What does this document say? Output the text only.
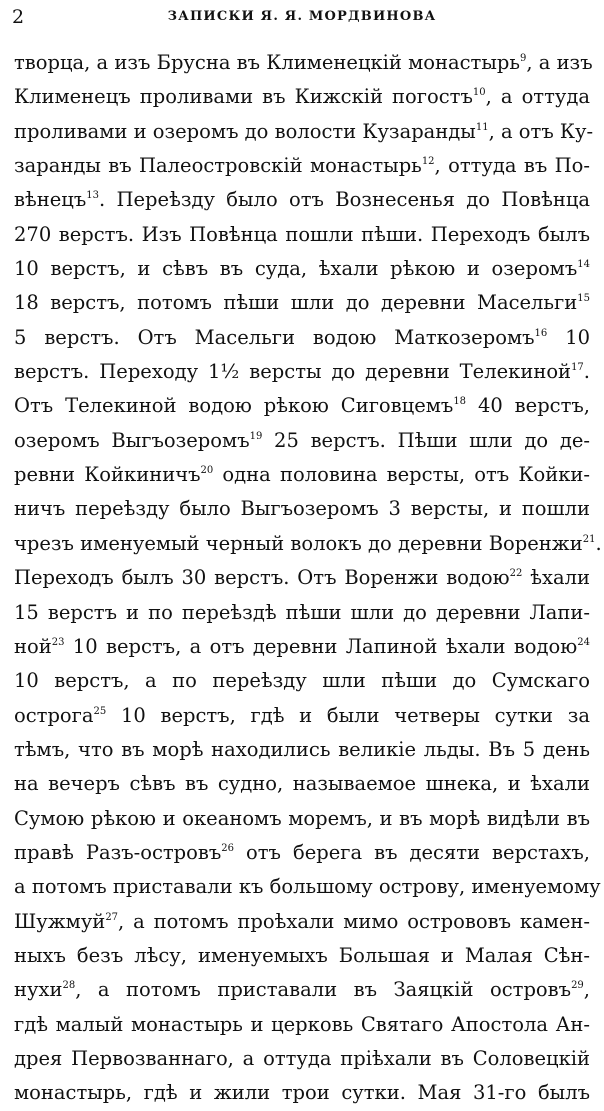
2	ЗАПИСКИ Я. Я. МОРДВИНОВА
творца, а изъ Бруcна въ Клименецкій монастырь$^9$, а изъ
Клименецъ проливами въ Кижскій погостъ$^{10}$, а оттуда
проливами и озеромъ до волости Кузаранды$^{11}$, а отъ Ку-
заранды въ Палеостровскій монастырь$^{12}$, оттуда въ По-
вѣнецъ$^{13}$. Переѣзду было отъ Вознесенья до Повѣнца
270 верстъ. Изъ Повѣнца пошли пѣши. Переходъ былъ
10 верстъ, и сѣвъ въ суда, ѣхали рѣкою и озеромъ$^{14}$
18 верстъ, потомъ пѣши шли до деревни Масельги$^{15}$
5 верстъ. Отъ Масельги водою Маткозеромъ$^{16}$ 10
верстъ. Переходу 1½ версты до деревни Телекиной$^{17}$.
Отъ Телекиной водою рѣкою Сиговцемъ$^{18}$ 40 верстъ,
озеромъ Выгъозеромъ$^{19}$ 25 верстъ. Пѣши шли до де-
ревни Койкиничъ$^{20}$ одна половина версты, отъ Койки-
ничъ переѣзду было Выгъозеромъ 3 версты, и пошли
чрезъ именуемый черный волокъ до деревни Воренжи$^{21}$.
Переходъ былъ 30 верстъ. Отъ Воренжи водою$^{22}$ ѣхали
15 верстъ и по переѣздѣ пѣши шли до деревни Лапи-
ной$^{23}$ 10 верстъ, а отъ деревни Лапиной ѣхали водою$^{24}$
10 верстъ, а по переѣзду шли пѣши до Сумскаго
острога$^{25}$ 10 верстъ, гдѣ и были четверы сутки за
тѣмъ, что въ морѣ находились великіе льды. Въ 5 день
на вечеръ сѣвъ въ судно, называемое шнека, и ѣхали
Сумою рѣкою и океаномъ моремъ, и въ морѣ видѣли въ
правѣ Разъ-островъ$^{26}$ отъ берега въ десяти верстахъ,
а потомъ приставали къ большому острову, именуемому
Шужмуй$^{27}$, а потомъ проѣхали мимо острововъ камен-
ныхъ безъ лѣсу, именуемыхъ Большая и Малая Сѣн-
нухи$^{28}$, а потомъ приставали въ Заяцкій островъ$^{29}$,
гдѣ малый монастырь и церковь Святаго Апостола Ан-
дрея Первозваннаго, а оттуда пріѣхали въ Соловецкій
монастырь, гдѣ и жили трои сутки. Мая 31-го былъ
